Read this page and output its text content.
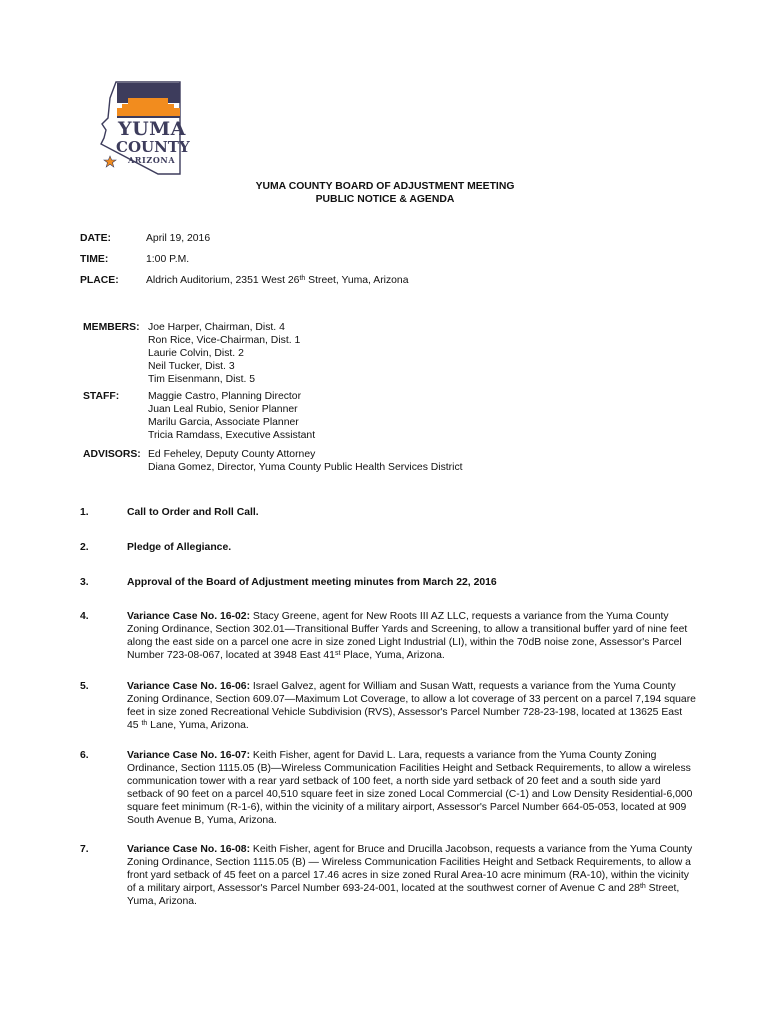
YUMA
COUNTY
ARIZONA
YUMA COUNTY BOARD OF ADJUSTMENT MEETING
PUBLIC NOTICE & AGENDA
DATE:	April 19, 2016
TIME:	1:00 P.M.
PLACE:	Aldrich Auditorium, 2351 West 26th Street, Yuma, Arizona
MEMBERS: Joe Harper, Chairman, Dist. 4
Ron Rice, Vice-Chairman, Dist. 1
Laurie Colvin, Dist. 2
Neil Tucker, Dist. 3
Tim Eisenmann, Dist. 5
STAFF:	Maggie Castro, Planning Director
Juan Leal Rubio, Senior Planner
Marilu Garcia, Associate Planner
Tricia Ramdass, Executive Assistant
ADVISORS: Ed Feheley, Deputy County Attorney
Diana Gomez, Director, Yuma County Public Health Services District
1.	Call to Order and Roll Call.
2.	Pledge of Allegiance.
3.	Approval of the Board of Adjustment meeting minutes from March 22, 2016
4.	Variance Case No. 16-02: Stacy Greene, agent for New Roots III AZ LLC, requests a variance from the Yuma County
Zoning Ordinance, Section 302.01—Transitional Buffer Yards and Screening, to allow a transitional buffer yard of nine feet
along the east side on a parcel one acre in size zoned Light Industrial (LI), within the 70dB noise zone, Assessor's Parcel
Number 723-08-067, located at 3948 East 41st Place, Yuma, Arizona.
5.	Variance Case No. 16-06: Israel Galvez, agent for William and Susan Watt, requests a variance from the Yuma County
Zoning Ordinance, Section 609.07—Maximum Lot Coverage, to allow a lot coverage of 33 percent on a parcel 7,194 square
feet in size zoned Recreational Vehicle Subdivision (RVS), Assessor's Parcel Number 728-23-198, located at 13625 East
45 $^{th}$ Lane, Yuma, Arizona.
6.	Variance Case No. 16-07: Keith Fisher, agent for David L. Lara, requests a variance from the Yuma County Zoning
Ordinance, Section 1115.05 (B)—Wireless Communication Facilities Height and Setback Requirements, to allow a wireless
communication tower with a rear yard setback of 100 feet, a north side yard setback of 20 feet and a south side yard
setback of 90 feet on a parcel 40,510 square feet in size zoned Local Commercial (C-1) and Low Density Residential-6,000
square feet minimum (R-1-6), within the vicinity of a military airport, Assessor's Parcel Number 664-05-053, located at 909
South Avenue B, Yuma, Arizona.
7.	Variance Case No. 16-08: Keith Fisher, agent for Bruce and Drucilla Jacobson, requests a variance from the Yuma County
Zoning Ordinance, Section 1115.05 (B) — Wireless Communication Facilities Height and Setback Requirements, to allow a
front yard setback of 45 feet on a parcel 17.46 acres in size zoned Rural Area-10 acre minimum (RA-10), within the vicinity
of a military airport, Assessor's Parcel Number 693-24-001, located at the southwest corner of Avenue C and 28th Street,
Yuma, Arizona.
